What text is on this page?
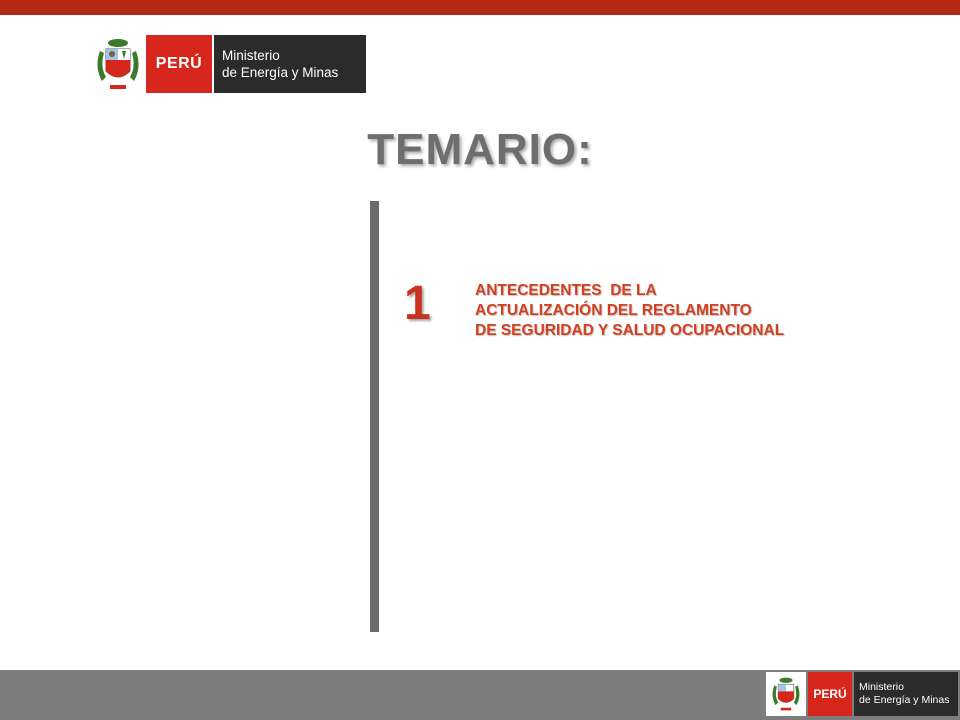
PERÚ	Ministerio
de Energía y Minas
TEMARIO:
1	ANTECEDENTES  DE LA
ACTUALIZACIÓN DEL REGLAMENTO
DE SEGURIDAD Y SALUD OCUPACIONAL
PERÚ	Ministerio
de Energía y Minas
